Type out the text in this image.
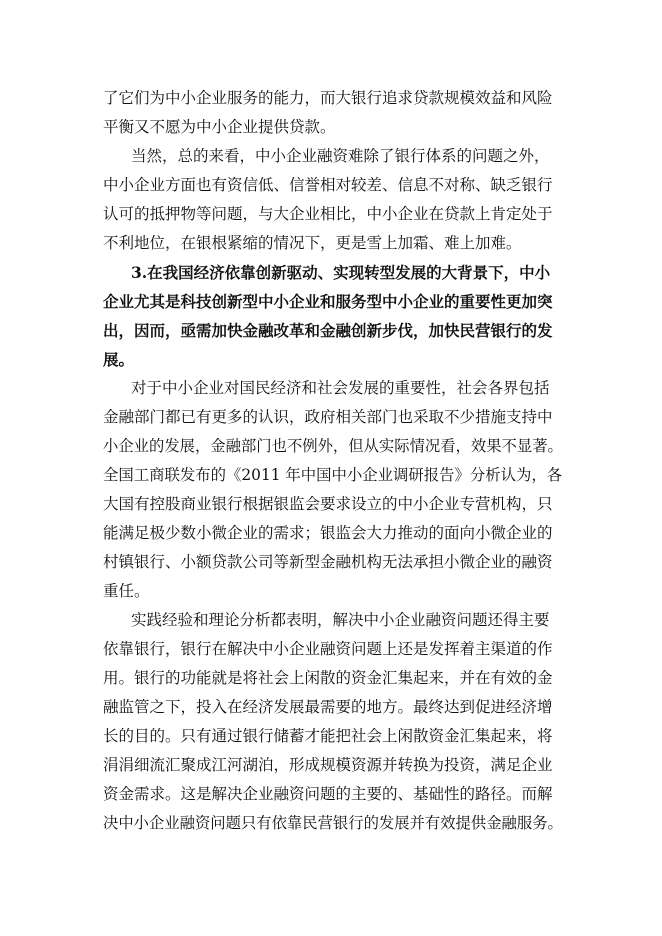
了它们为中小企业服务的能力，而大银行追求贷款规模效益和风险
平衡又不愿为中小企业提供贷款。
当然，总的来看，中小企业融资难除了银行体系的问题之外，
中小企业方面也有资信低、信誉相对较差、信息不对称、缺乏银行
认可的抵押物等问题，与大企业相比，中小企业在贷款上肯定处于
不利地位，在银根紧缩的情况下，更是雪上加霜、难上加难。
3.在我国经济依靠创新驱动、实现转型发展的大背景下，中小
企业尤其是科技创新型中小企业和服务型中小企业的重要性更加突
出，因而，亟需加快金融改革和金融创新步伐，加快民营银行的发
展。
对于中小企业对国民经济和社会发展的重要性，社会各界包括
金融部门都已有更多的认识，政府相关部门也采取不少措施支持中
小企业的发展，金融部门也不例外，但从实际情况看，效果不显著。
全国工商联发布的《2011 年中国中小企业调研报告》分析认为，各
大国有控股商业银行根据银监会要求设立的中小企业专营机构，只
能满足极少数小微企业的需求；银监会大力推动的面向小微企业的
村镇银行、小额贷款公司等新型金融机构无法承担小微企业的融资
重任。
实践经验和理论分析都表明，解决中小企业融资问题还得主要
依靠银行，银行在解决中小企业融资问题上还是发挥着主渠道的作
用。银行的功能就是将社会上闲散的资金汇集起来，并在有效的金
融监管之下，投入在经济发展最需要的地方。最终达到促进经济增
长的目的。只有通过银行储蓄才能把社会上闲散资金汇集起来，将
涓涓细流汇聚成江河湖泊，形成规模资源并转换为投资，满足企业
资金需求。这是解决企业融资问题的主要的、基础性的路径。而解
决中小企业融资问题只有依靠民营银行的发展并有效提供金融服务。
